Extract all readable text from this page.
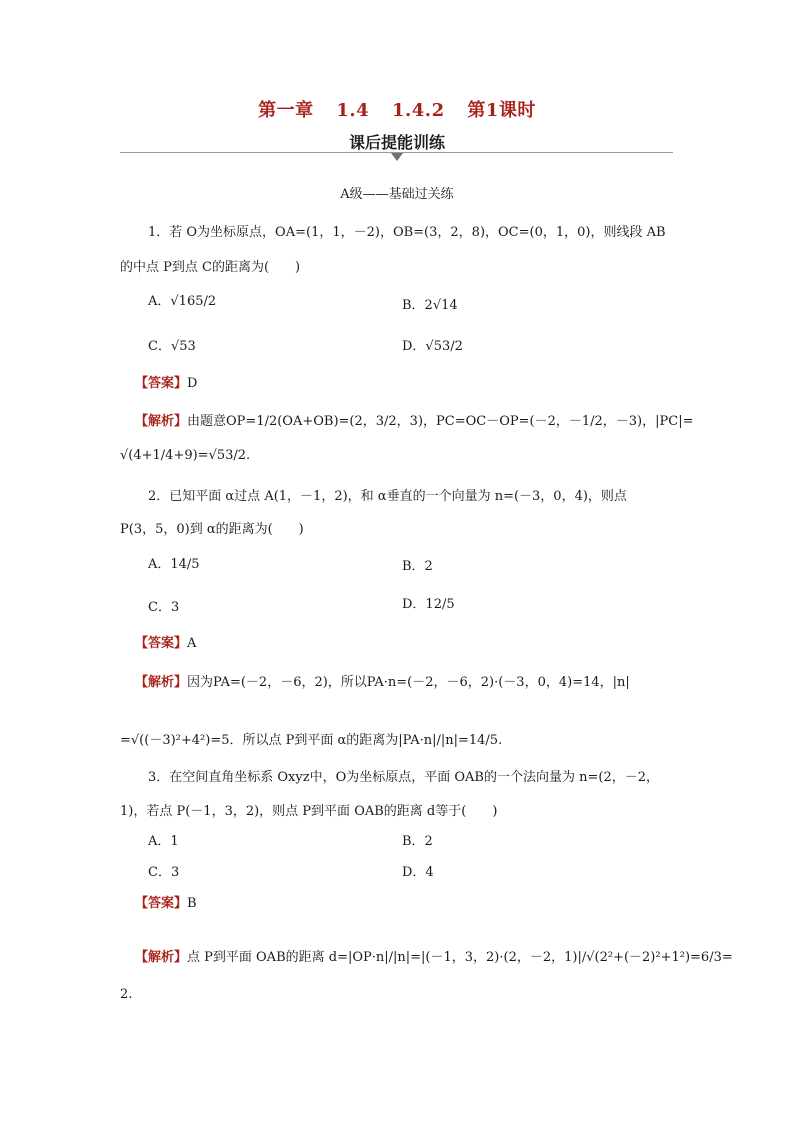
第一章 1.4 1.4.2 第1课时
课后提能训练
A级——基础过关练
1．若 O为坐标原点，OA=(1，1，－2)，OB=(3，2，8)，OC=(0，1，0)，则线段 AB
的中点 P到点 C的距离为(　　)
A．√165/2	B．2√14
C．√53	D．√53/2
【答案】D
【解析】由题意OP=1/2(OA+OB)=(2，3/2，3)，PC=OC－OP=(－2，－1/2，－3)，|PC|=
√(4+1/4+9)=√53/2.
2．已知平面 α过点 A(1，－1，2)，和 α垂直的一个向量为 n=(－3，0，4)，则点
P(3，5，0)到 α的距离为(　　)
A．14/5	B．2
C．3	D．12/5
【答案】A
【解析】因为PA=(－2，－6，2)，所以PA·n=(－2，－6，2)·(－3，0，4)=14，|n|
=√((－3)²+4²)=5．所以点 P到平面 α的距离为|PA·n|/|n|=14/5.
3．在空间直角坐标系 Oxyz中，O为坐标原点，平面 OAB的一个法向量为 n=(2，－2，
1)，若点 P(－1，3，2)，则点 P到平面 OAB的距离 d等于(　　)
A．1	B．2
C．3	D．4
【答案】B
【解析】点 P到平面 OAB的距离 d=|OP·n|/|n|=|(－1，3，2)·(2，－2，1)|/√(2²+(－2)²+1²)=6/3=
2.
